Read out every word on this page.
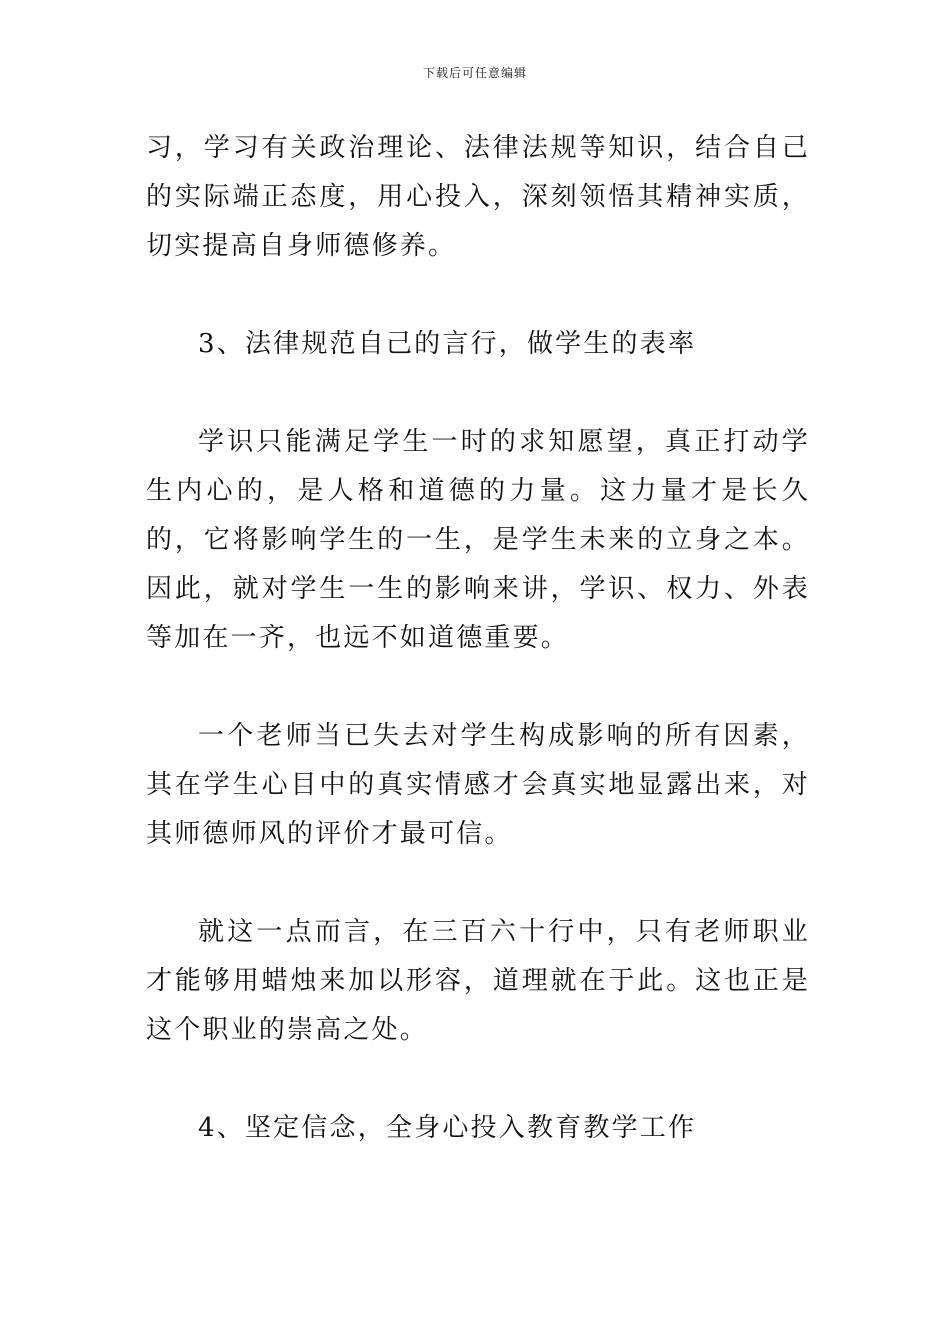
下载后可任意编辑

习，学习有关政治理论、法律法规等知识，结合自己的实际端正态度，用心投入，深刻领悟其精神实质，切实提高自身师德修养。

3、法律规范自己的言行，做学生的表率

学识只能满足学生一时的求知愿望，真正打动学生内心的，是人格和道德的力量。这力量才是长久的，它将影响学生的一生，是学生未来的立身之本。因此，就对学生一生的影响来讲，学识、权力、外表等加在一齐，也远不如道德重要。

一个老师当已失去对学生构成影响的所有因素，其在学生心目中的真实情感才会真实地显露出来，对其师德师风的评价才最可信。

就这一点而言，在三百六十行中，只有老师职业才能够用蜡烛来加以形容，道理就在于此。这也正是这个职业的崇高之处。

4、坚定信念，全身心投入教育教学工作
